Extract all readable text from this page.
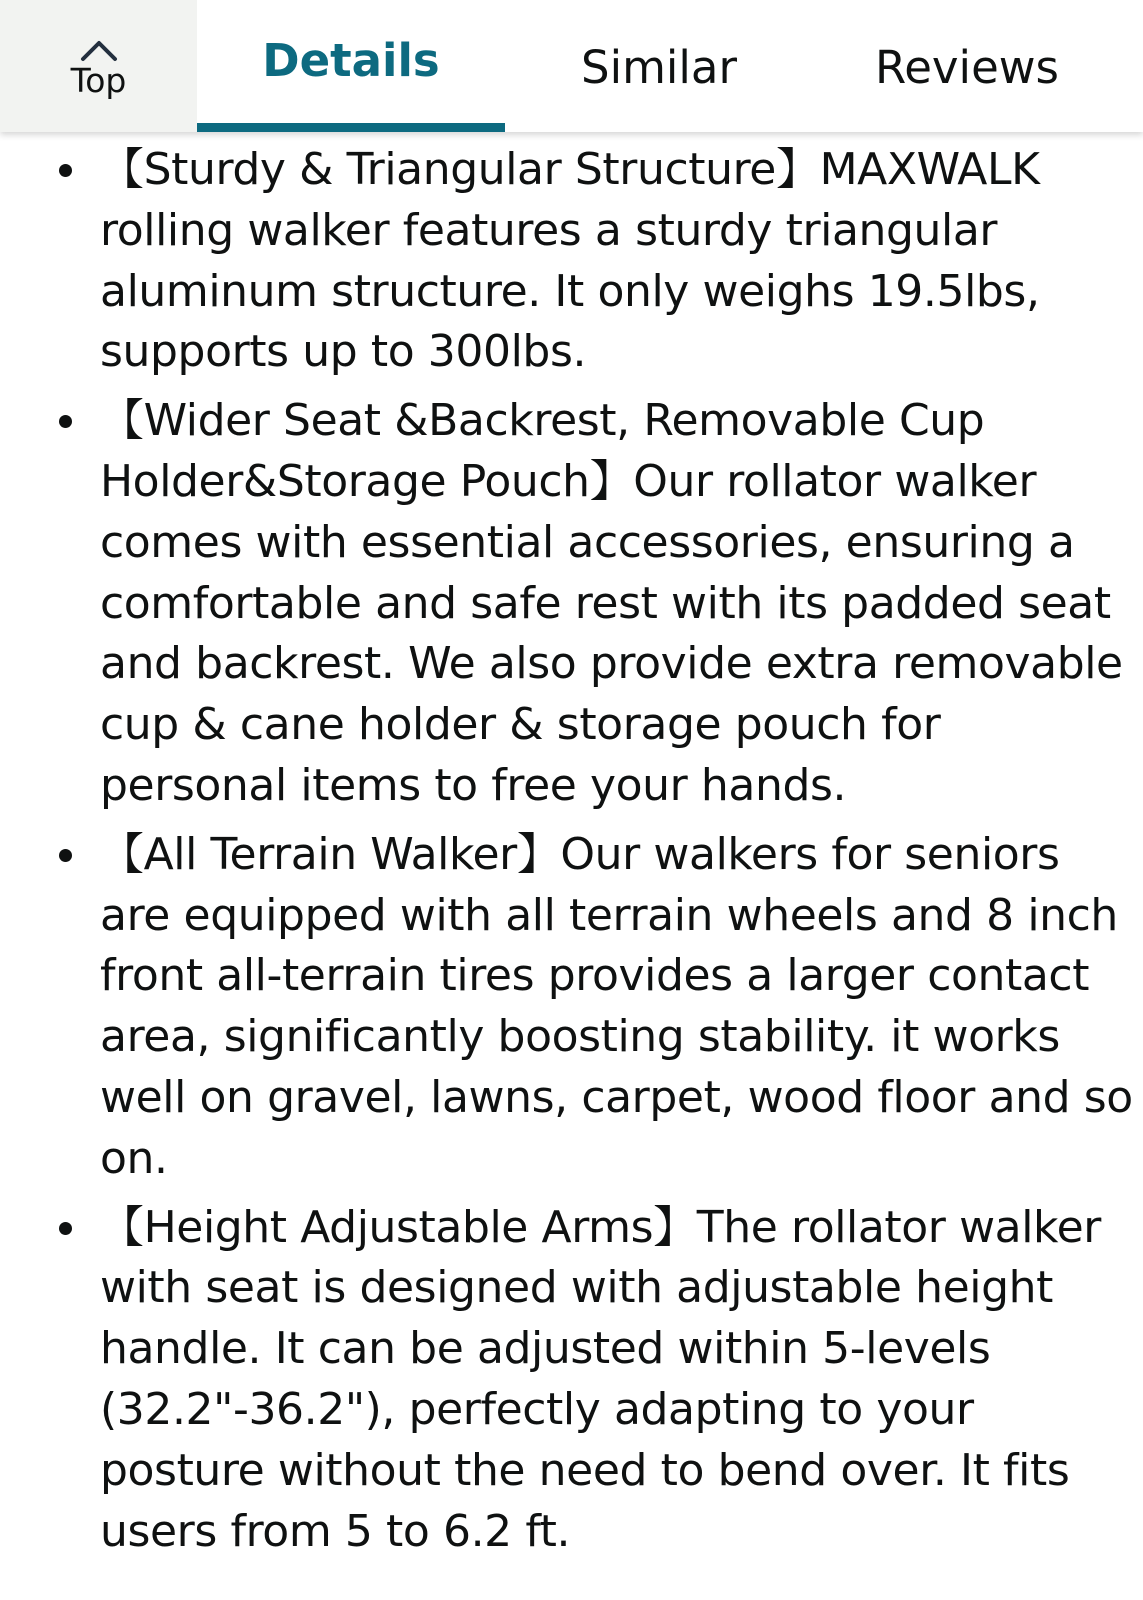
Top	Details	Similar	Reviews
【Sturdy & Triangular Structure】MAXWALK rolling walker features a sturdy triangular aluminum structure. It only weighs 19.5lbs, supports up to 300lbs.
【Wider Seat &Backrest, Removable Cup Holder&Storage Pouch】Our rollator walker comes with essential accessories, ensuring a comfortable and safe rest with its padded seat and backrest. We also provide extra removable cup & cane holder & storage pouch for personal items to free your hands.
【All Terrain Walker】Our walkers for seniors are equipped with all terrain wheels and 8 inch front all-terrain tires provides a larger contact area, significantly boosting stability. it works well on gravel, lawns, carpet, wood floor and so on.
【Height Adjustable Arms】The rollator walker with seat is designed with adjustable height handle. It can be adjusted within 5-levels (32.2"-36.2"), perfectly adapting to your posture without the need to bend over. It fits users from 5 to 6.2 ft.
